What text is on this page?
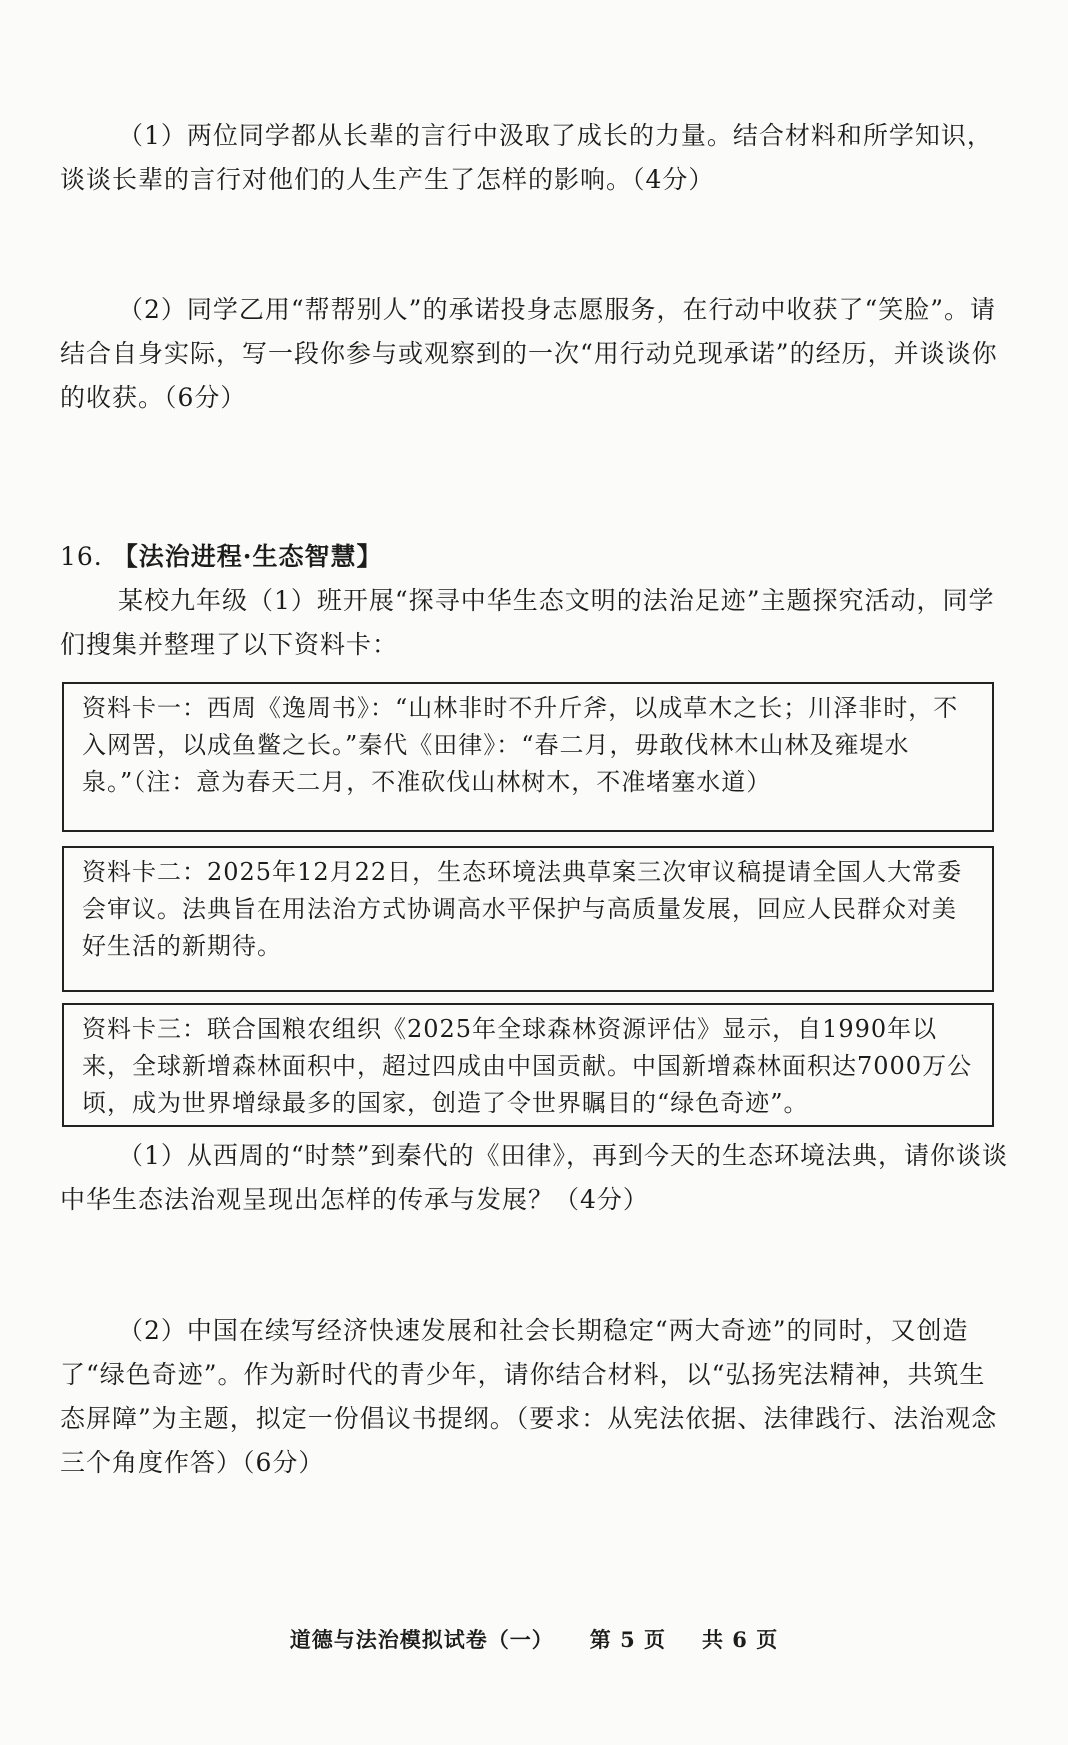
（1）两位同学都从长辈的言行中汲取了成长的力量。结合材料和所学知识，谈谈长辈的言行对他们的人生产生了怎样的影响。（4分）

（2）同学乙用“帮帮别人”的承诺投身志愿服务，在行动中收获了“笑脸”。请结合自身实际，写一段你参与或观察到的一次“用行动兑现承诺”的经历，并谈谈你的收获。（6分）

16. 【法治进程·生态智慧】

某校九年级（1）班开展“探寻中华生态文明的法治足迹”主题探究活动，同学们搜集并整理了以下资料卡：

资料卡一：西周《逸周书》：“山林非时不升斤斧，以成草木之长；川泽非时，不入网罟，以成鱼鳖之长。”秦代《田律》：“春二月，毋敢伐林木山林及雍堤水泉。”（注：意为春天二月，不准砍伐山林树木，不准堵塞水道）

资料卡二：2025年12月22日，生态环境法典草案三次审议稿提请全国人大常委会审议。法典旨在用法治方式协调高水平保护与高质量发展，回应人民群众对美好生活的新期待。

资料卡三：联合国粮农组织《2025年全球森林资源评估》显示，自1990年以来，全球新增森林面积中，超过四成由中国贡献。中国新增森林面积达7000万公顷，成为世界增绿最多的国家，创造了令世界瞩目的“绿色奇迹”。

（1）从西周的“时禁”到秦代的《田律》，再到今天的生态环境法典，请你谈谈中华生态法治观呈现出怎样的传承与发展？（4分）

（2）中国在续写经济快速发展和社会长期稳定“两大奇迹”的同时，又创造了“绿色奇迹”。作为新时代的青少年，请你结合材料，以“弘扬宪法精神，共筑生态屏障”为主题，拟定一份倡议书提纲。（要求：从宪法依据、法律践行、法治观念三个角度作答）（6分）

道德与法治模拟试卷（一） 第 5 页 共 6 页
